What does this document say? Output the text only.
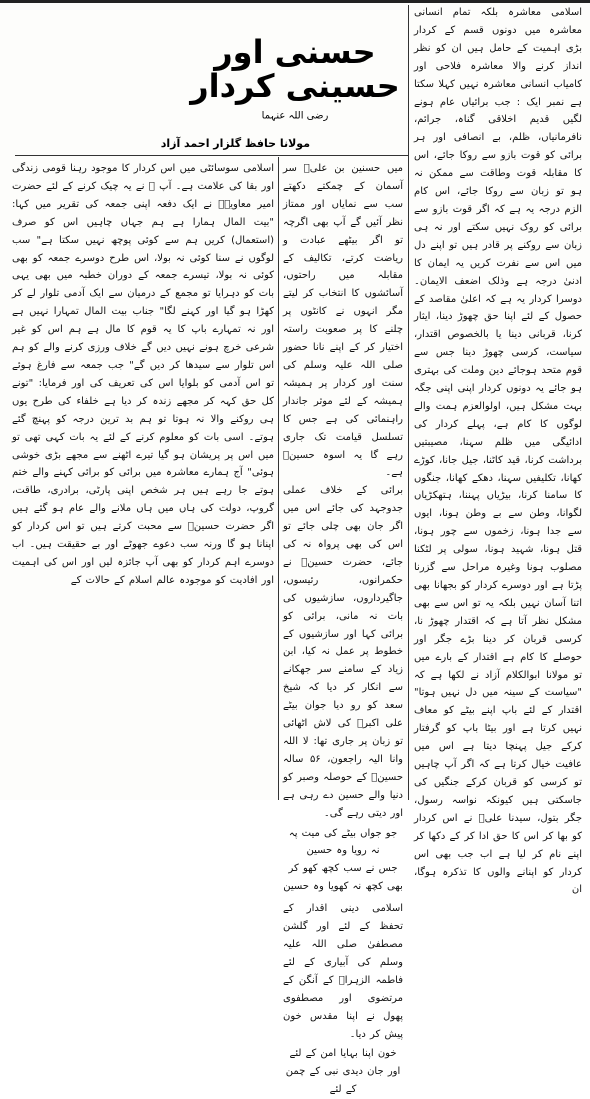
حسنی اور حسینی کردار $^{رضی اللہ عنہما}$
مولانا حافظ گلزار احمد آزاد

اسلامی معاشرہ بلکہ تمام انسانی معاشرہ میں دونوں قسم کے کردار بڑی اہمیت کے حامل ہیں ان کو نظر انداز کرنے والا معاشرہ فلاحی اور کامیاب انسانی معاشرہ نہیں کہلا سکتا ہے نمبر ایک : جب برائیاں عام ہونے لگیں قدیم اخلاقی گناہ، جرائم، نافرمانیاں، ظلم، بے انصافی اور ہر برائی کو قوت بازو سے روکا جائے، اس کا مقابلہ قوت وطاقت سے ممکن نہ ہو تو زبان سے روکا جائے، اس کام الزم درجہ یہ ہے کہ اگر قوت بازو سے برائی کو روک نہیں سکتے اور نہ ہی زبان سے روکنے پر قادر ہیں تو اپنے دل میں اس سے نفرت کریں یہ ایمان کا ادنیٰ درجہ ہے وذلک اضعف الایمان۔ دوسرا کردار یہ ہے کہ اعلیٰ مقاصد کے حصول کے لئے اپنا حق چھوڑ دینا، ایثار کرنا، قربانی دینا یا بالخصوص اقتدار، سیاست، کرسی چھوڑ دینا جس سے قوم متحد ہوجائے دین وملت کی بہتری ہو جائے یہ دونوں کردار اپنی اپنی جگہ بہت مشکل ہیں، اولوالعزم ہمت والے لوگوں کا کام ہے، پہلے کردار کی ادائیگی میں ظلم سہنا، مصیبتیں برداشت کرنا، قید کاٹنا، جیل جانا، کوڑے کھانا، تکلیفیں سہنا، دھکے کھانا، جنگوں کا سامنا کرنا، بیڑیاں پہننا، ہتھکڑیاں لگوانا، وطن سے بے وطن ہونا، ایوں سے جدا ہونا، زخموں سے چور ہونا، قتل ہونا، شہید ہونا، سولی پر لٹکنا مصلوب ہونا وغیرہ مراحل سے گزرنا پڑتا ہے اور دوسرے کردار کو بجھانا بھی اتنا آسان نہیں بلکہ یہ تو اس سے بھی مشکل نظر آتا ہے کہ اقتدار چھوڑ نا، کرسی قربان کر دینا بڑے جگر اور حوصلے کا کام ہے اقتدار کے بارے میں تو مولانا ابوالکلام آزاد نے لکھا ہے کہ "سیاست کے سینہ میں دل نہیں ہوتا" اقتدار کے لئے باپ اپنے بیٹے کو معاف نہیں کرتا ہے اور بیٹا باپ کو گرفتار کرکے جیل پہنچا دیتا ہے اس میں عافیت خیال کرتا ہے کہ اگر آپ چاہیں تو کرسی کو قربان کرکے جنگیں کی جاسکتی ہیں کیونکہ نواسہ رسول، جگر بتول، سیدنا علیؓ نے اس کردار کو بھا کر اس کا حق ادا کر کے دکھا کر اپنے نام کر لیا ہے اب جب بھی اس کردار کو اپنانے والوں کا تذکرہ ہوگا، ان

میں حسنین بن علیؓ سر آسمان کے چمکتے دکھتے سب سے نمایاں اور ممتاز نظر آئیں گے آپ بھی اگرچہ تو اگر بیٹھے عبادت و ریاضت کرتے، تکالیف کے مقابلہ میں راحتوں، آسائشوں کا انتخاب کر لیتے مگر انہوں نے کانٹوں پر چلنے کا پر صعوبت راستہ اختیار کر کے اپنے نانا حضور صلی اللہ علیہ وسلم کی سنت اور کردار پر ہمیشہ ہمیشہ کے لئے موثر جاندار راہنمائی کی ہے جس کا تسلسل قیامت تک جاری رہے گا یہ اسوہ حسینؓ ہے۔

برائی کے خلاف عملی جدوجہد کی جائے اس میں اگر جان بھی چلی جائے تو اس کی بھی پرواہ نہ کی جائے، حضرت حسینؓ نے حکمرانوں، رئیسوں، جاگیرداروں، سازشیوں کی بات نہ مانی، برائی کو برائی کہا اور سازشیوں کے خطوط پر عمل نہ کیا، ابن زیاد کے سامنے سر جھکانے سے انکار کر دیا کہ شیخ سعد کو رو دیا جوان بیٹے علی اکبرؓ کی لاش اٹھائی تو زبان پر جاری تھا: لا اللہ وانا الیہ راجعون، ۵۶ سالہ حسینؓ کے حوصلہ وصبر کو دنیا والے حسین دے رہی ہے اور دیتی رہے گی۔

جو جواں بیٹے کی میت پہ نہ رویا وہ حسین
جس نے سب کچھ کھو کر بھی کچھ نہ کھویا وہ حسین

اسلامی دینی اقدار کے تحفظ کے لئے اور گلشن مصطفیٰ صلی اللہ علیہ وسلم کی آبیاری کے لئے فاطمہ الزہراؓ کے آنگن کے مرتضوی اور مصطفوی پھول نے اپنا مقدس خون پیش کر دیا۔

خون اپنا بہایا امن کے لئے
اور جان دیدی نبی کے چمن کے لئے

اسلامی سوسائٹی میں اس کردار کا موجود رہنا قومی زندگی اور بقا کی علامت ہے۔ آپ ؓ نے یہ چیک کرنے کے لئے حضرت امیر معاویہؓ نے ایک دفعہ اپنی جمعہ کی تقریر میں کہا: "بیت المال ہمارا ہے ہم جہاں چاہیں اس کو صرف (استعمال) کریں ہم سے کوئی پوچھ نہیں سکتا ہے" سب لوگوں نے سنا کوئی نہ بولا، اس طرح دوسرے جمعہ کو بھی کوئی نہ بولا، تیسرے جمعہ کے دوران خطبہ میں بھی یہی بات کو دہرایا تو مجمع کے درمیان سے ایک آدمی تلوار لے کر کھڑا ہو گیا اور کہنے لگا" جناب بیت المال تمہارا نہیں ہے اور نہ تمہارے باپ کا یہ قوم کا مال ہے ہم اس کو غیر شرعی خرچ ہونے نہیں دیں گے خلاف ورزی کرنے والے کو ہم اس تلوار سے سیدھا کر دیں گے" جب جمعہ سے فارغ ہوئے تو اس آدمی کو بلوایا اس کی تعریف کی اور فرمایا: "تونے کل حق کہہ کر مجھے زندہ کر دیا ہے خلفاء کی طرح یوں ہی روکنے والا نہ ہوتا تو ہم بد ترین درجہ کو پہنچ گئے ہوتے۔ اسی بات کو معلوم کرنے کے لئے یہ بات کہی تھی تو میں اس پر پریشان ہو گیا تیرے اٹھنے سے مجھے بڑی خوشی ہوئی" آج ہمارے معاشرہ میں برائی کو برائی کہنے والے ختم ہوتے جا رہے ہیں ہر شخص اپنی پارٹی، برادری، طاقت، گروپ، دولت کی ہاں میں ہاں ملانے والے عام ہو گئے ہیں اگر حضرت حسینؓ سے محبت کرتے ہیں تو اس کردار کو اپنانا ہو گا ورنہ سب دعوے جھوٹے اور بے حقیقت ہیں۔ اب دوسرے اہم کردار کو بھی آپ جائزہ لیں اور اس کی اہمیت اور افادیت کو موجودہ عالم اسلام کے حالات کے
